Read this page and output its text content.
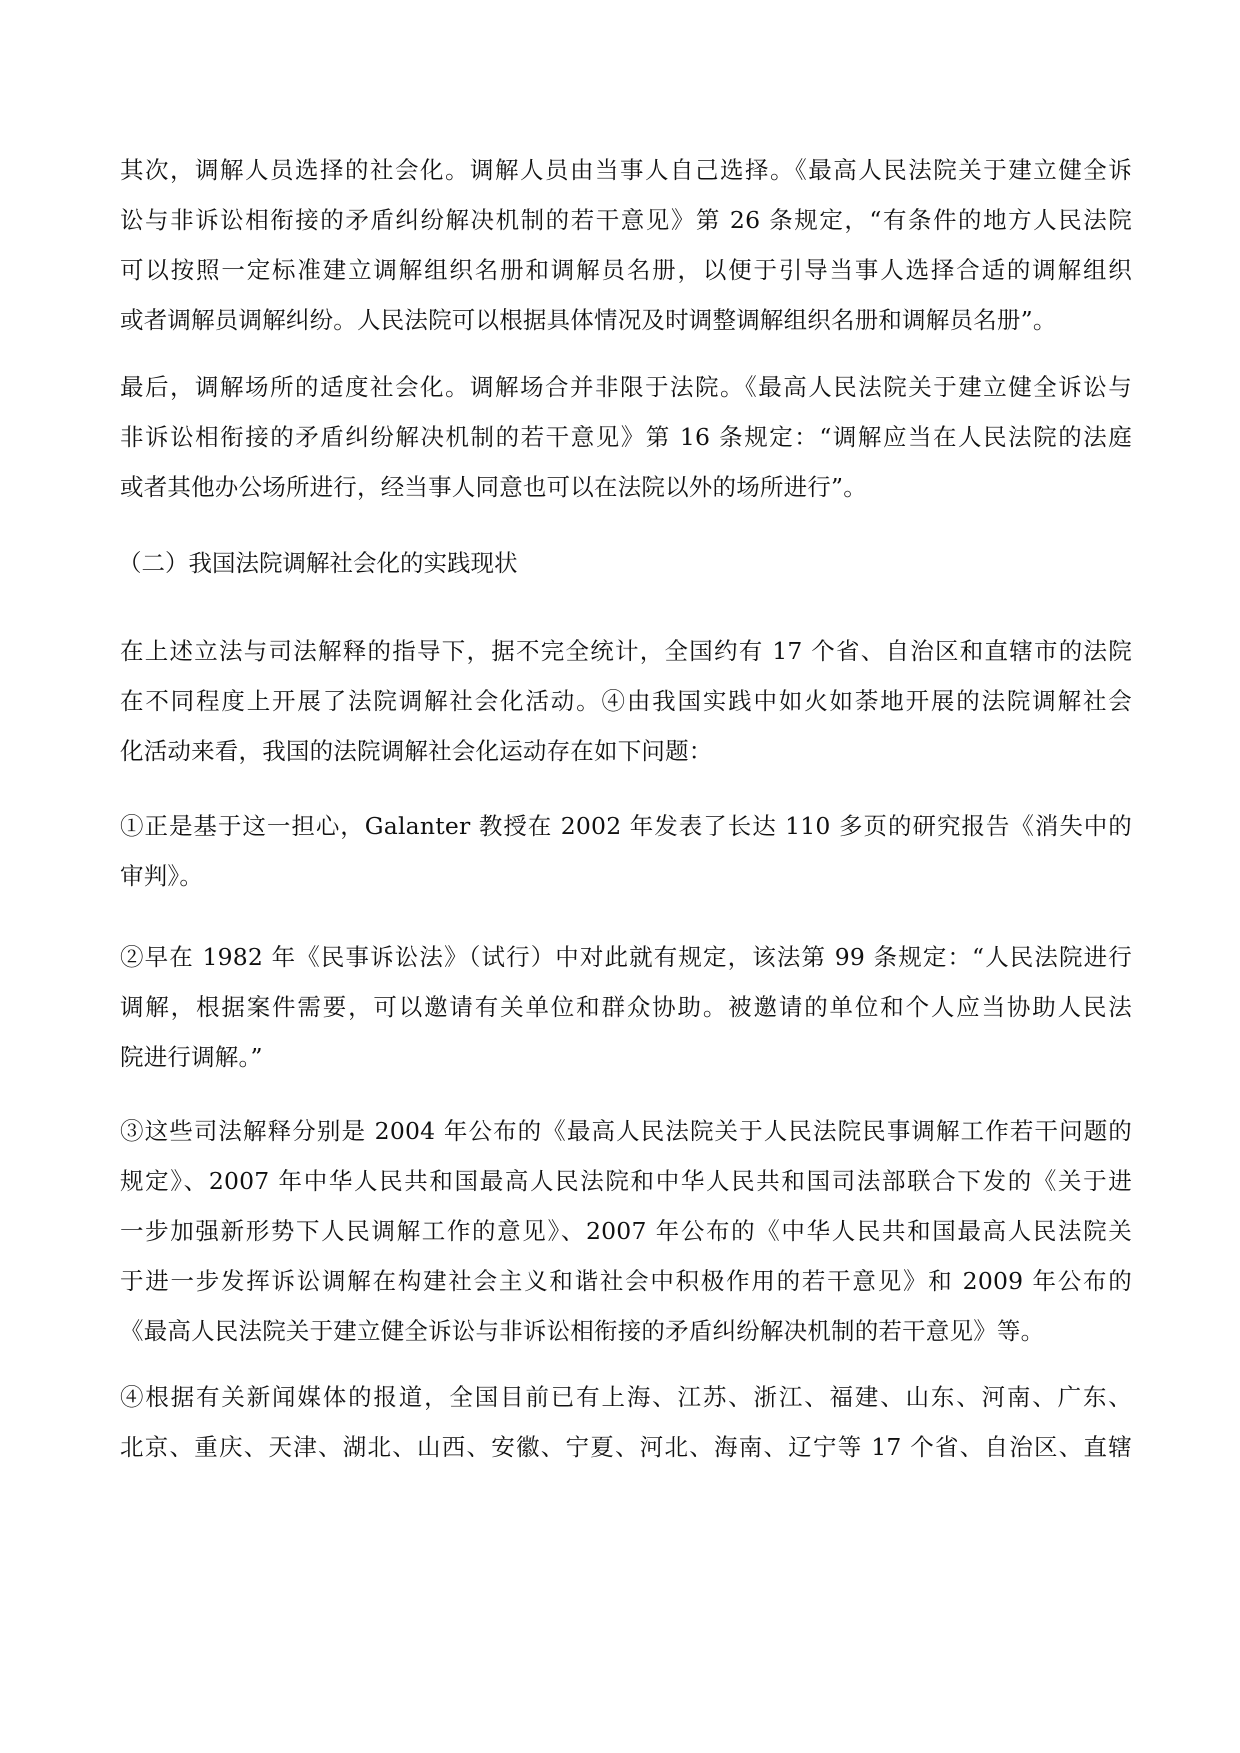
其次，调解人员选择的社会化。调解人员由当事人自己选择。《最高人民法院关于建立健全诉
讼与非诉讼相衔接的矛盾纠纷解决机制的若干意见》第 26 条规定，“有条件的地方人民法院
可以按照一定标准建立调解组织名册和调解员名册，以便于引导当事人选择合适的调解组织
或者调解员调解纠纷。人民法院可以根据具体情况及时调整调解组织名册和调解员名册”。
最后，调解场所的适度社会化。调解场合并非限于法院。《最高人民法院关于建立健全诉讼与
非诉讼相衔接的矛盾纠纷解决机制的若干意见》第 16 条规定：“调解应当在人民法院的法庭
或者其他办公场所进行，经当事人同意也可以在法院以外的场所进行”。
（二）我国法院调解社会化的实践现状
在上述立法与司法解释的指导下，据不完全统计，全国约有 17 个省、自治区和直辖市的法院
在不同程度上开展了法院调解社会化活动。④由我国实践中如火如荼地开展的法院调解社会
化活动来看，我国的法院调解社会化运动存在如下问题：
①正是基于这一担心，Galanter 教授在 2002 年发表了长达 110 多页的研究报告《消失中的
审判》。
②早在 1982 年《民事诉讼法》（试行）中对此就有规定，该法第 99 条规定：“人民法院进行
调解，根据案件需要，可以邀请有关单位和群众协助。被邀请的单位和个人应当协助人民法
院进行调解。”
③这些司法解释分别是 2004 年公布的《最高人民法院关于人民法院民事调解工作若干问题的
规定》、2007 年中华人民共和国最高人民法院和中华人民共和国司法部联合下发的《关于进
一步加强新形势下人民调解工作的意见》、2007 年公布的《中华人民共和国最高人民法院关
于进一步发挥诉讼调解在构建社会主义和谐社会中积极作用的若干意见》和 2009 年公布的
《最高人民法院关于建立健全诉讼与非诉讼相衔接的矛盾纠纷解决机制的若干意见》等。
④根据有关新闻媒体的报道，全国目前已有上海、江苏、浙江、福建、山东、河南、广东、
北京、重庆、天津、湖北、山西、安徽、宁夏、河北、海南、辽宁等 17 个省、自治区、直辖
